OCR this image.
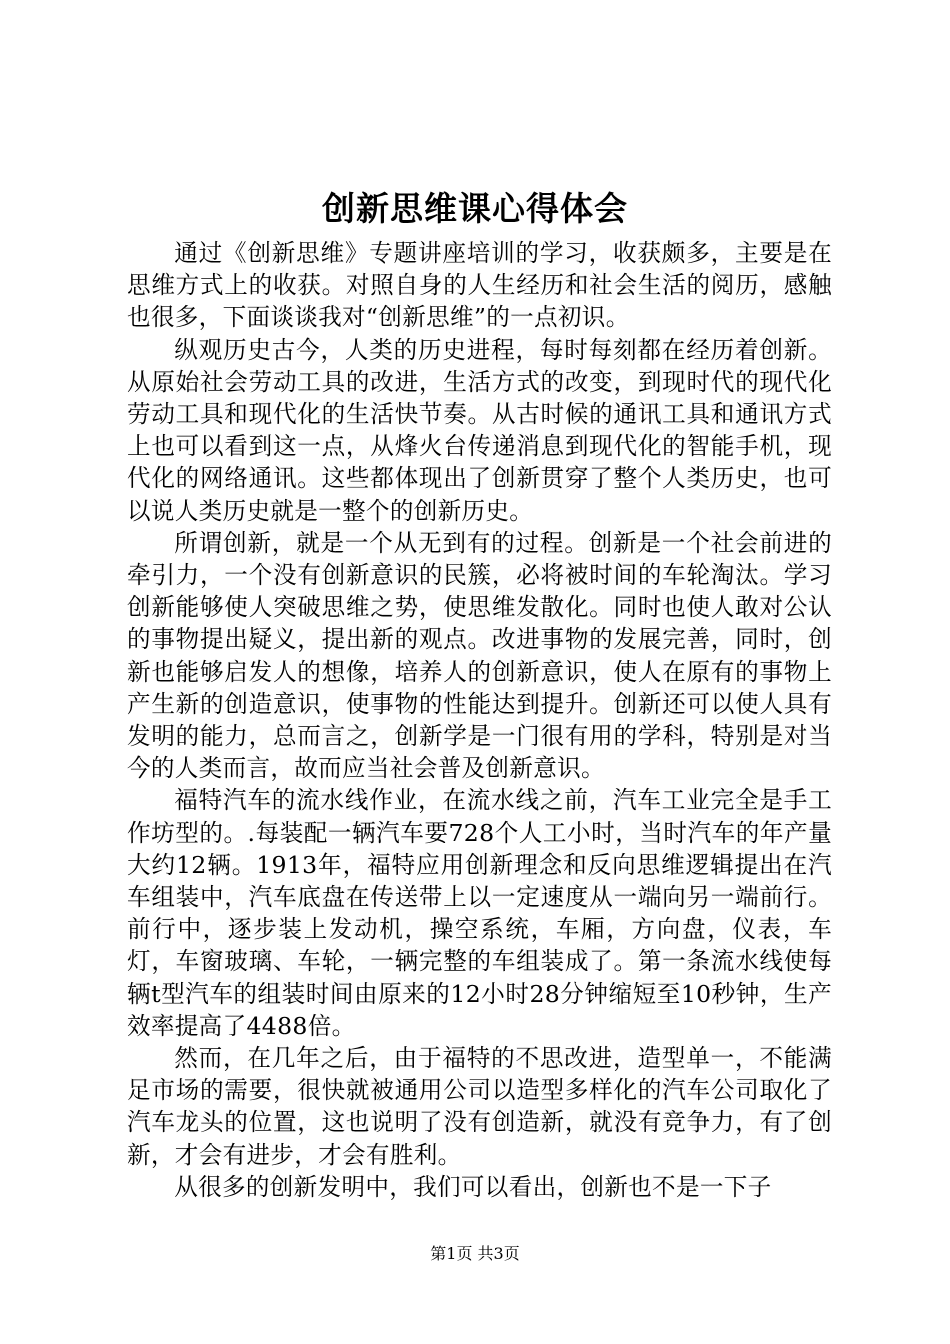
创新思维课心得体会

通过《创新思维》专题讲座培训的学习，收获颇多，主要是在思维方式上的收获。对照自身的人生经历和社会生活的阅历，感触也很多，下面谈谈我对“创新思维”的一点初识。

纵观历史古今，人类的历史进程，每时每刻都在经历着创新。从原始社会劳动工具的改进，生活方式的改变，到现时代的现代化劳动工具和现代化的生活快节奏。从古时候的通讯工具和通讯方式上也可以看到这一点，从烽火台传递消息到现代化的智能手机，现代化的网络通讯。这些都体现出了创新贯穿了整个人类历史，也可以说人类历史就是一整个的创新历史。

所谓创新，就是一个从无到有的过程。创新是一个社会前进的牵引力，一个没有创新意识的民簇，必将被时间的车轮淘汰。学习创新能够使人突破思维之势，使思维发散化。同时也使人敢对公认的事物提出疑义，提出新的观点。改进事物的发展完善，同时，创新也能够启发人的想像，培养人的创新意识，使人在原有的事物上产生新的创造意识，使事物的性能达到提升。创新还可以使人具有发明的能力，总而言之，创新学是一门很有用的学科，特别是对当今的人类而言，故而应当社会普及创新意识。

福特汽车的流水线作业，在流水线之前，汽车工业完全是手工作坊型的。.每装配一辆汽车要728个人工小时，当时汽车的年产量大约12辆。1913年，福特应用创新理念和反向思维逻辑提出在汽车组装中，汽车底盘在传送带上以一定速度从一端向另一端前行。前行中，逐步装上发动机，操空系统，车厢，方向盘，仪表，车灯，车窗玻璃、车轮，一辆完整的车组装成了。第一条流水线使每辆t型汽车的组装时间由原来的12小时28分钟缩短至10秒钟，生产效率提高了4488倍。

然而，在几年之后，由于福特的不思改进，造型单一，不能满足市场的需要，很快就被通用公司以造型多样化的汽车公司取化了汽车龙头的位置，这也说明了没有创造新，就没有竞争力，有了创新，才会有进步，才会有胜利。

从很多的创新发明中，我们可以看出，创新也不是一下子

第1页 共3页
